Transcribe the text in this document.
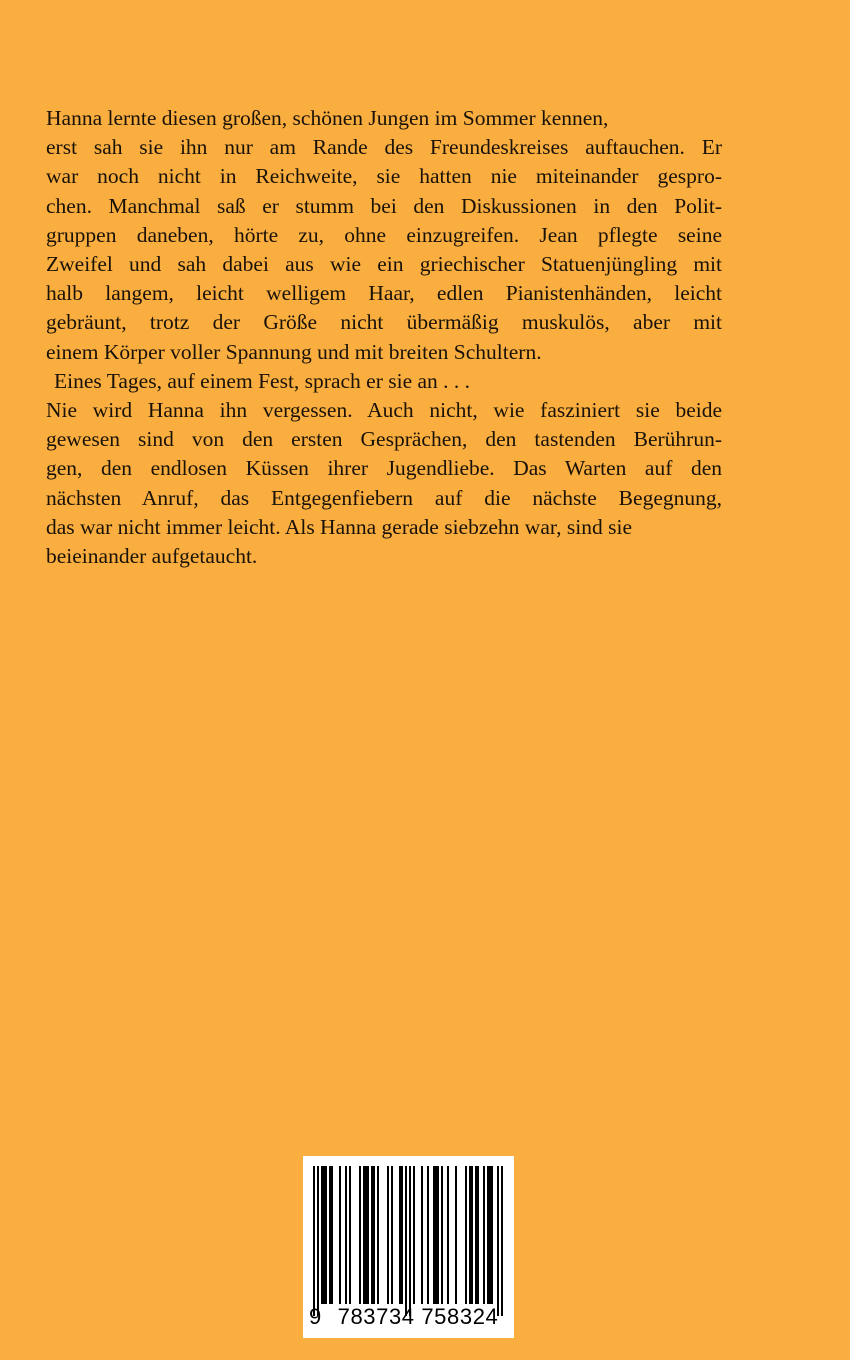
Hanna lernte diesen großen, schönen Jungen im Sommer kennen,
erst sah sie ihn nur am Rande des Freundeskreises auftauchen. Er
war noch nicht in Reichweite, sie hatten nie miteinander gespro-
chen. Manchmal saß er stumm bei den Diskussionen in den Polit-
gruppen daneben, hörte zu, ohne einzugreifen. Jean pflegte seine
Zweifel und sah dabei aus wie ein griechischer Statuenjüngling mit
halb langem, leicht welligem Haar, edlen Pianistenhänden, leicht
gebräunt, trotz der Größe nicht übermäßig muskulös, aber mit
einem Körper voller Spannung und mit breiten Schultern.
Eines Tages, auf einem Fest, sprach er sie an . . .
Nie wird Hanna ihn vergessen. Auch nicht, wie fasziniert sie beide
gewesen sind von den ersten Gesprächen, den tastenden Berührun-
gen, den endlosen Küssen ihrer Jugendliebe. Das Warten auf den
nächsten Anruf, das Entgegenfiebern auf die nächste Begegnung,
das war nicht immer leicht. Als Hanna gerade siebzehn war, sind sie
beieinander aufgetaucht.
9 783734 758324
